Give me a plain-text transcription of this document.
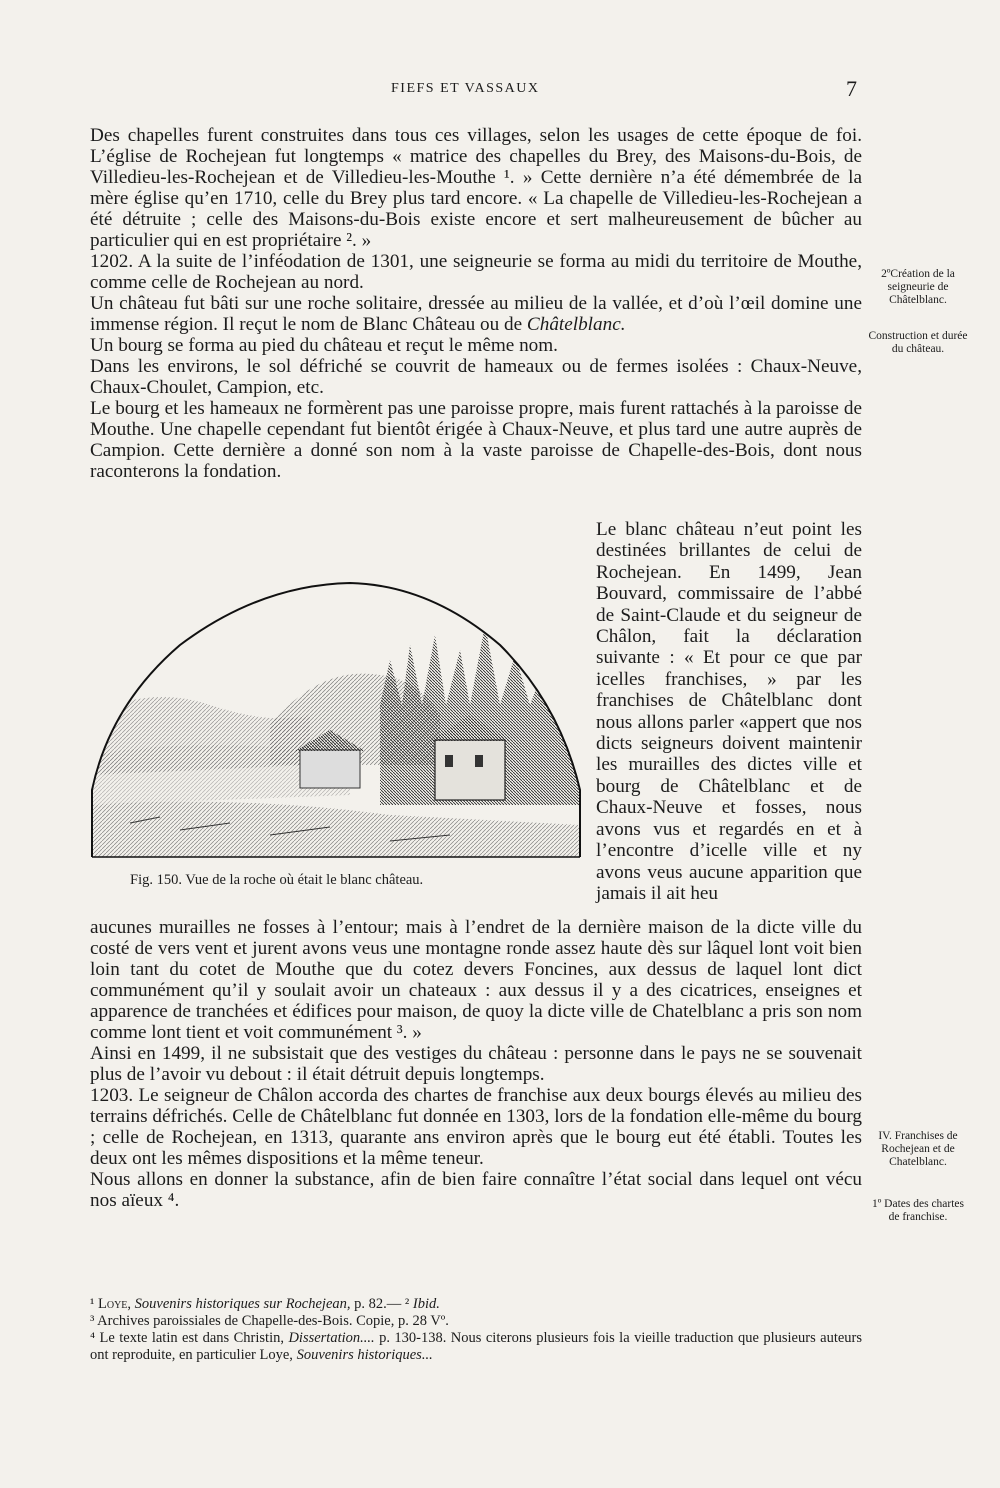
FIEFS ET VASSAUX	7

Des chapelles furent construites dans tous ces villages, selon les usages de cette époque de foi. L’église de Rochejean fut longtemps « matrice des chapelles du Brey, des Maisons-du-Bois, de Villedieu-les-Rochejean et de Villedieu-les-Mouthe ¹. » Cette dernière n’a été démembrée de la mère église qu’en 1710, celle du Brey plus tard encore. « La chapelle de Villedieu-les-Rochejean a été détruite ; celle des Maisons-du-Bois existe encore et sert malheureusement de bûcher au particulier qui en est propriétaire ². »

1202. A la suite de l’inféodation de 1301, une seigneurie se forma au midi du territoire de Mouthe, comme celle de Rochejean au nord.

Un château fut bâti sur une roche solitaire, dressée au milieu de la vallée, et d’où l’œil domine une immense région. Il reçut le nom de Blanc Château ou de Châtelblanc.

Un bourg se forma au pied du château et reçut le même nom.

Dans les environs, le sol défriché se couvrit de hameaux ou de fermes isolées : Chaux-Neuve, Chaux-Choulet, Campion, etc.

Le bourg et les hameaux ne formèrent pas une paroisse propre, mais furent rattachés à la paroisse de Mouthe. Une chapelle cependant fut bientôt érigée à Chaux-Neuve, et plus tard une autre auprès de Campion. Cette dernière a donné son nom à la vaste paroisse de Chapelle-des-Bois, dont nous raconterons la fondation.

2ºCréation de la seigneurie de Châtelblanc.
Construction et durée du château.
IV. Franchises de Rochejean et de Chatelblanc.
1º Dates des chartes de franchise.
Fig. 150. Vue de la roche où était le blanc château.

Le blanc château n’eut point les destinées brillantes de celui de Rochejean. En 1499, Jean Bouvard, commissaire de l’abbé de Saint-Claude et du seigneur de Châlon, fait la déclaration suivante : « Et pour ce que par icelles franchises, » par les franchises de Châtelblanc dont nous allons parler «appert que nos dicts seigneurs doivent maintenir les murailles des dictes ville et bourg de Châtelblanc et de Chaux-Neuve et fosses, nous avons vus et regardés en et à l’encontre d’icelle ville et ny avons veus aucune apparition que jamais il ait heu

aucunes murailles ne fosses à l’entour; mais à l’endret de la dernière maison de la dicte ville du costé de vers vent et jurent avons veus une montagne ronde assez haute dès sur lâquel lont voit bien loin tant du cotet de Mouthe que du cotez devers Foncines, aux dessus de laquel lont dict communément qu’il y soulait avoir un chateaux : aux dessus il y a des cicatrices, enseignes et apparence de tranchées et édifices pour maison, de quoy la dicte ville de Chatelblanc a pris son nom comme lont tient et voit communément ³. »

Ainsi en 1499, il ne subsistait que des vestiges du château : personne dans le pays ne se souvenait plus de l’avoir vu debout : il était détruit depuis longtemps.

1203. Le seigneur de Châlon accorda des chartes de franchise aux deux bourgs élevés au milieu des terrains défrichés. Celle de Châtelblanc fut donnée en 1303, lors de la fondation elle-même du bourg ; celle de Rochejean, en 1313, quarante ans environ après que le bourg eut été établi. Toutes les deux ont les mêmes dispositions et la même teneur.

Nous allons en donner la substance, afin de bien faire connaître l’état social dans lequel ont vécu nos aïeux ⁴.

¹ Loye, Souvenirs historiques sur Rochejean, p. 82.— ² Ibid.

³ Archives paroissiales de Chapelle-des-Bois. Copie, p. 28 Vº.

⁴ Le texte latin est dans Christin, Dissertation.... p. 130-138. Nous citerons plusieurs fois la vieille traduction que plusieurs auteurs ont reproduite, en particulier Loye, Souvenirs historiques...
